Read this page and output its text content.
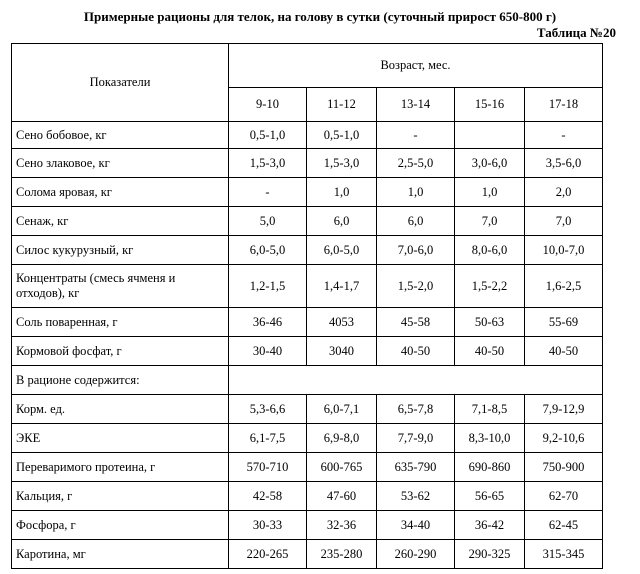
Примерные рационы для телок, на голову в сутки (суточный прирост 650-800 г)
Таблица №20
Показатели	Возраст, мес.				
	9-10	11-12	13-14	15-16	17-18
Сено бобовое, кг	0,5-1,0	0,5-1,0	-		-
Сено злаковое, кг	1,5-3,0	1,5-3,0	2,5-5,0	3,0-6,0	3,5-6,0
Солома яровая, кг	-	1,0	1,0	1,0	2,0
Сенаж, кг	5,0	6,0	6,0	7,0	7,0
Силос кукурузный, кг	6,0-5,0	6,0-5,0	7,0-6,0	8,0-6,0	10,0-7,0
Концентраты (смесь ячменя и отходов), кг	1,2-1,5	1,4-1,7	1,5-2,0	1,5-2,2	1,6-2,5
Соль поваренная, г	36-46	4053	45-58	50-63	55-69
Кормовой фосфат, г	30-40	3040	40-50	40-50	40-50
В рационе содержится:					
Корм. ед.	5,3-6,6	6,0-7,1	6,5-7,8	7,1-8,5	7,9-12,9
ЭКЕ	6,1-7,5	6,9-8,0	7,7-9,0	8,3-10,0	9,2-10,6
Переваримого протеина, г	570-710	600-765	635-790	690-860	750-900
Кальция, г	42-58	47-60	53-62	56-65	62-70
Фосфора, г	30-33	32-36	34-40	36-42	62-45
Каротина, мг	220-265	235-280	260-290	290-325	315-345
